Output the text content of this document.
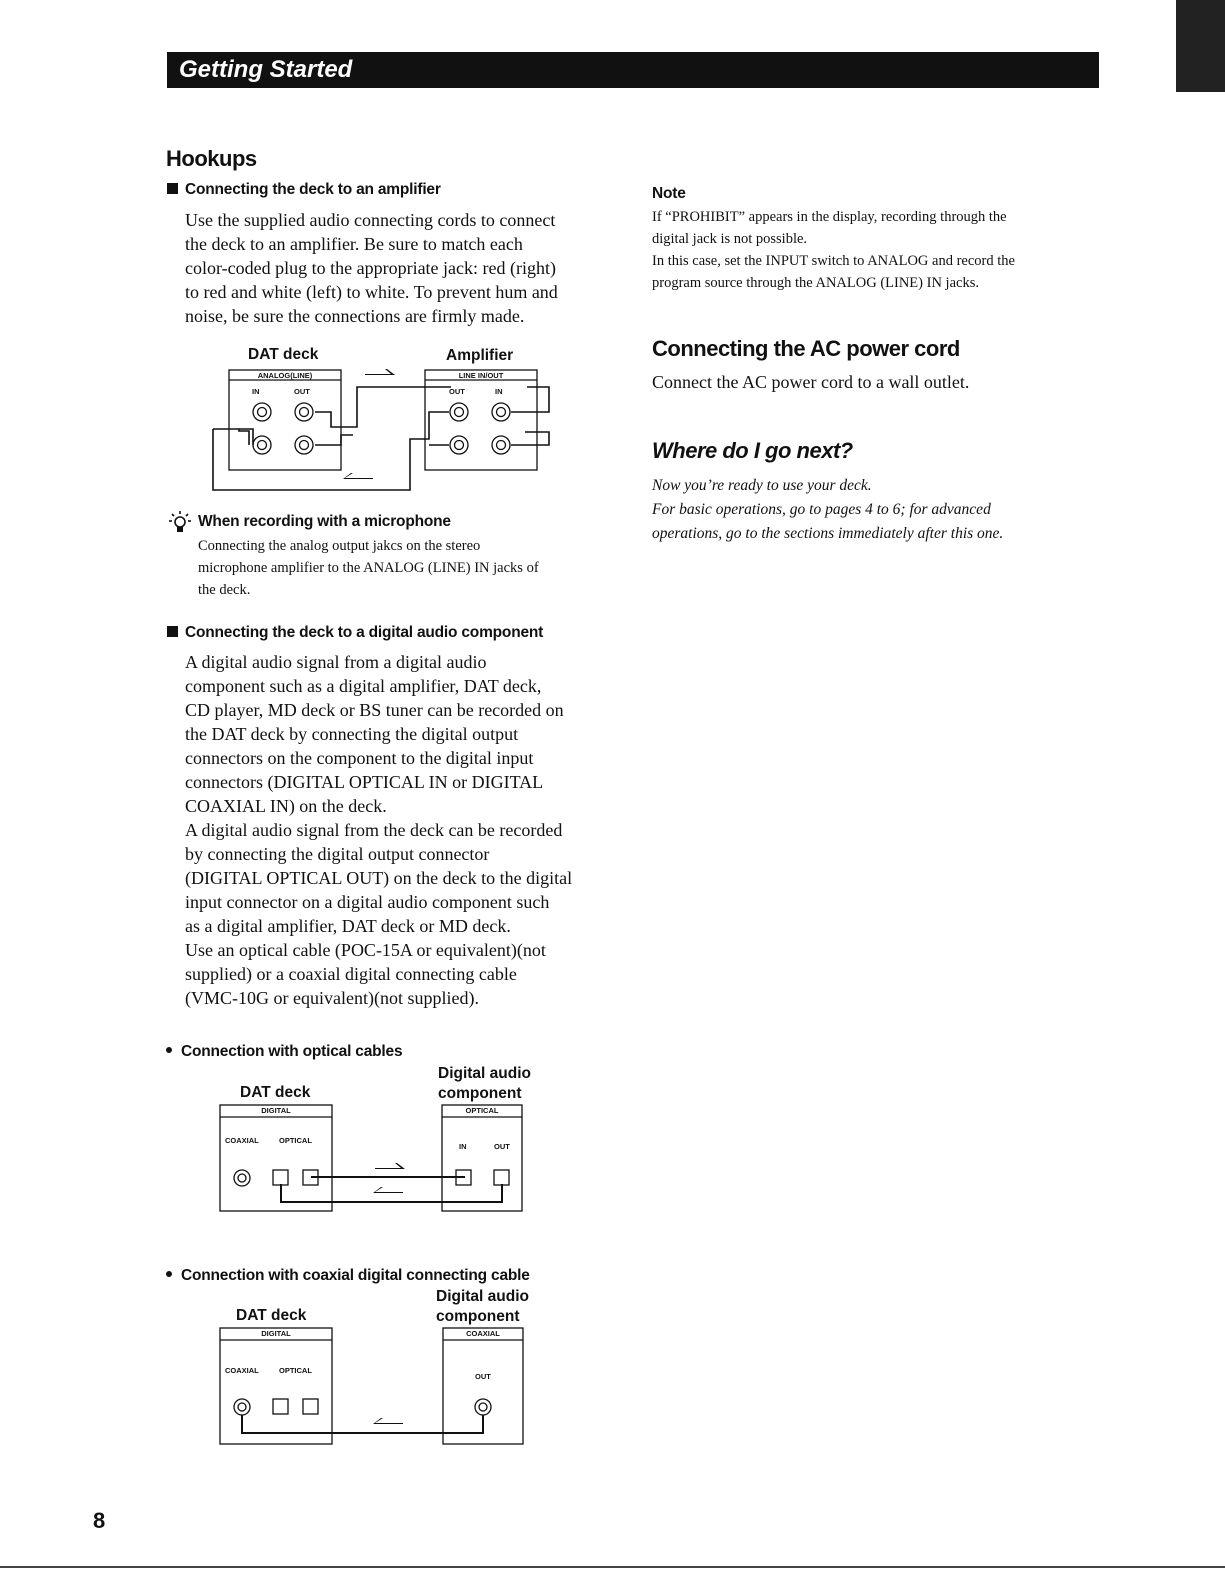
Getting Started
Hookups
Connecting the deck to an amplifier
Use the supplied audio connecting cords to connect
the deck to an amplifier. Be sure to match each
color-coded plug to the appropriate jack: red (right)
to red and white (left) to white. To prevent hum and
noise, be sure the connections are firmly made.
DAT deck	Amplifier
ANALOG(LINE)	LINE IN/OUT
IN	OUT	OUT	IN
When recording with a microphone
Connecting the analog output jakcs on the stereo
microphone amplifier to the ANALOG (LINE) IN jacks of
the deck.
Connecting the deck to a digital audio component
A digital audio signal from a digital audio
component such as a digital amplifier, DAT deck,
CD player, MD deck or BS tuner can be recorded on
the DAT deck by connecting the digital output
connectors on the component to the digital input
connectors (DIGITAL OPTICAL IN or DIGITAL
COAXIAL IN) on the deck.
A digital audio signal from the deck can be recorded
by connecting the digital output connector
(DIGITAL OPTICAL OUT) on the deck to the digital
input connector on a digital audio component such
as a digital amplifier, DAT deck or MD deck.
Use an optical cable (POC-15A or equivalent)(not
supplied) or a coaxial digital connecting cable
(VMC-10G or equivalent)(not supplied).
Connection with optical cables
DAT deck
Digital audio
component
DIGITAL	OPTICAL
COAXIAL	OPTICAL
IN	OUT
Connection with coaxial digital connecting cable
DAT deck
Digital audio
component
DIGITAL	COAXIAL
COAXIAL	OPTICAL
OUT
Note
If “PROHIBIT” appears in the display, recording through the
digital jack is not possible.
In this case, set the INPUT switch to ANALOG and record the
program source through the ANALOG (LINE) IN jacks.
Connecting the AC power cord
Connect the AC power cord to a wall outlet.
Where do I go next?
Now you’re ready to use your deck.
For basic operations, go to pages 4 to 6; for advanced
operations, go to the sections immediately after this one.
8
